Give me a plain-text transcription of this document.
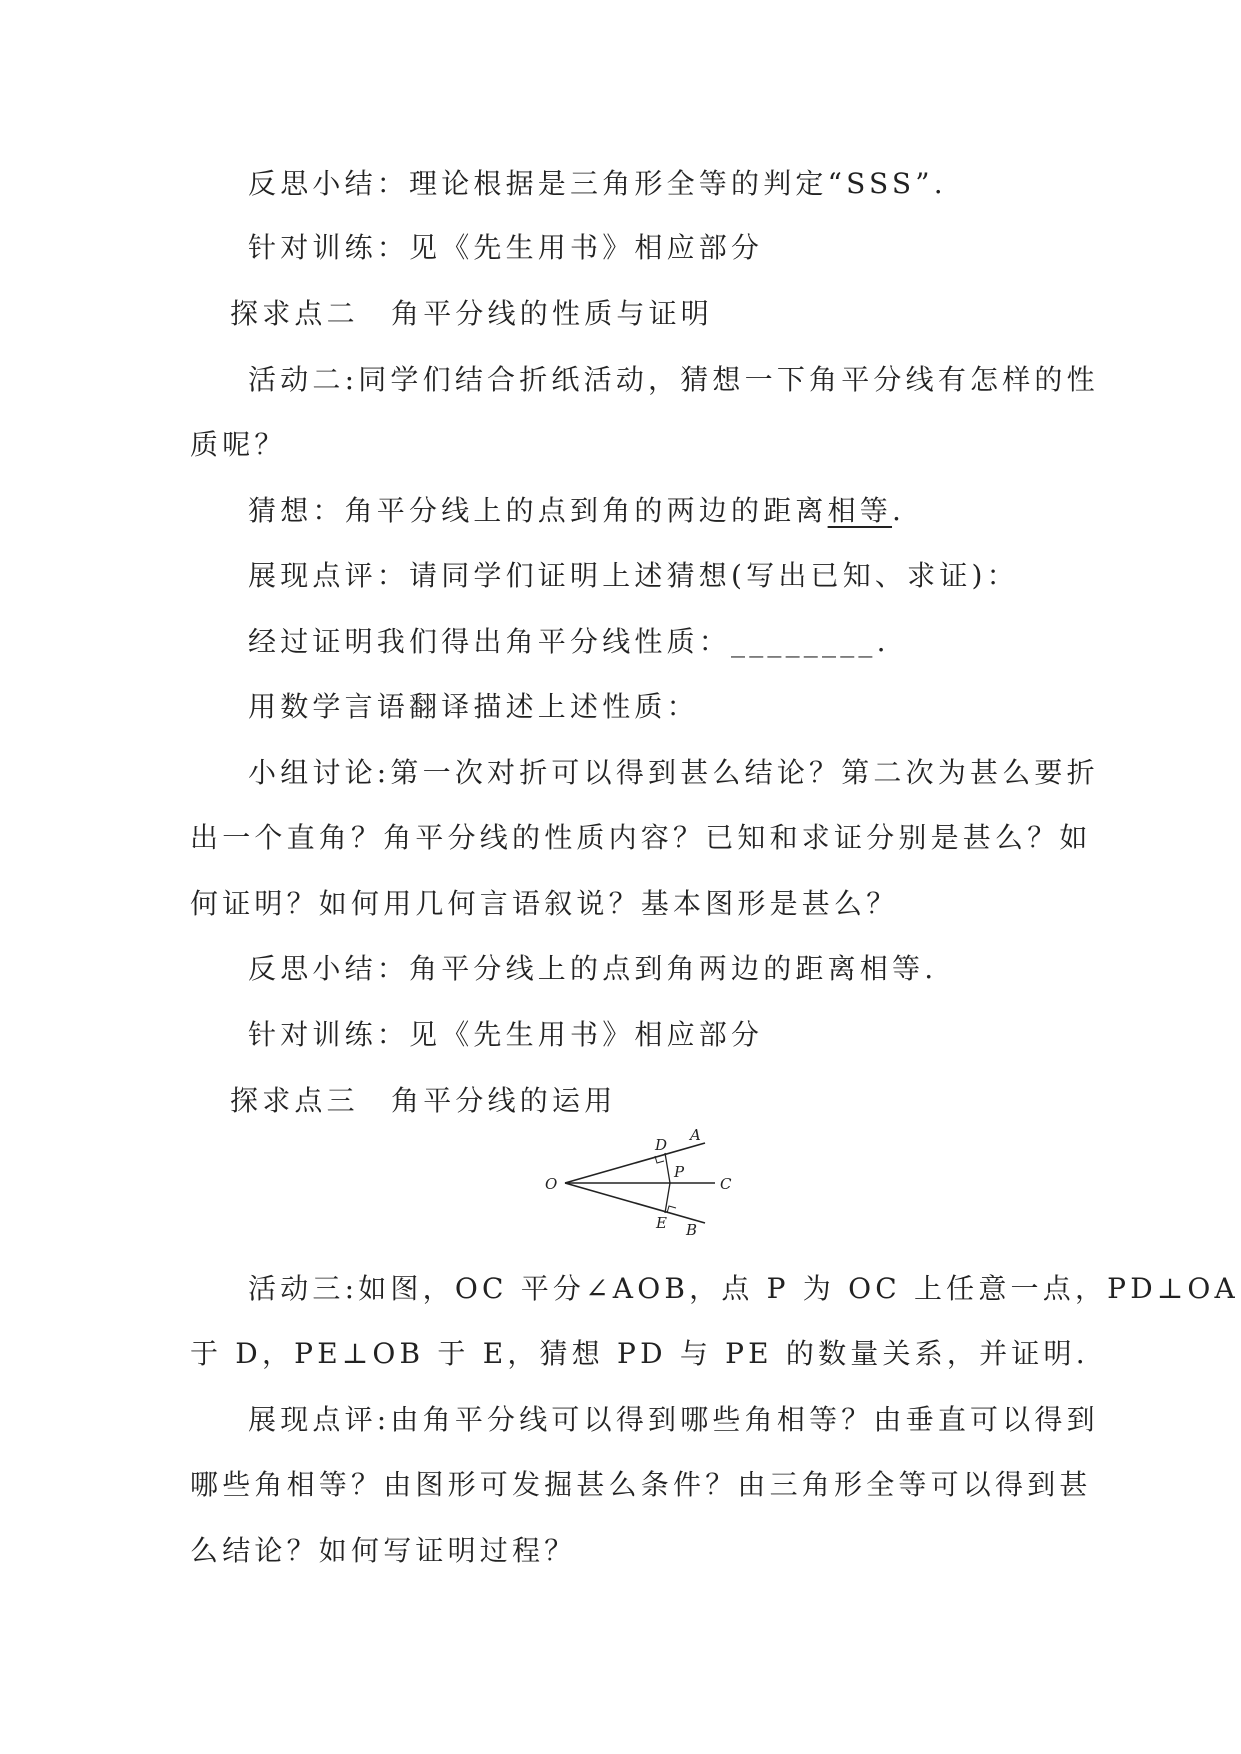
反思小结：理论根据是三角形全等的判定“SSS”.
针对训练：见《先生用书》相应部分
探求点二　角平分线的性质与证明
活动二:同学们结合折纸活动，猜想一下角平分线有怎样的性
质呢？
猜想：角平分线上的点到角的两边的距离相等.
展现点评：请同学们证明上述猜想(写出已知、求证)：
经过证明我们得出角平分线性质：________.
用数学言语翻译描述上述性质：
小组讨论:第一次对折可以得到甚么结论？第二次为甚么要折
出一个直角？角平分线的性质内容？已知和求证分别是甚么？如
何证明？如何用几何言语叙说？基本图形是甚么？
反思小结：角平分线上的点到角两边的距离相等.
针对训练：见《先生用书》相应部分
探求点三　角平分线的运用
O
A
D
P
C
E B
活动三:如图，OC 平分∠AOB，点 P 为 OC 上任意一点，PD⊥OA
于 D，PE⊥OB 于 E，猜想 PD 与 PE 的数量关系，并证明.
展现点评:由角平分线可以得到哪些角相等？由垂直可以得到
哪些角相等？由图形可发掘甚么条件？由三角形全等可以得到甚
么结论？如何写证明过程？
